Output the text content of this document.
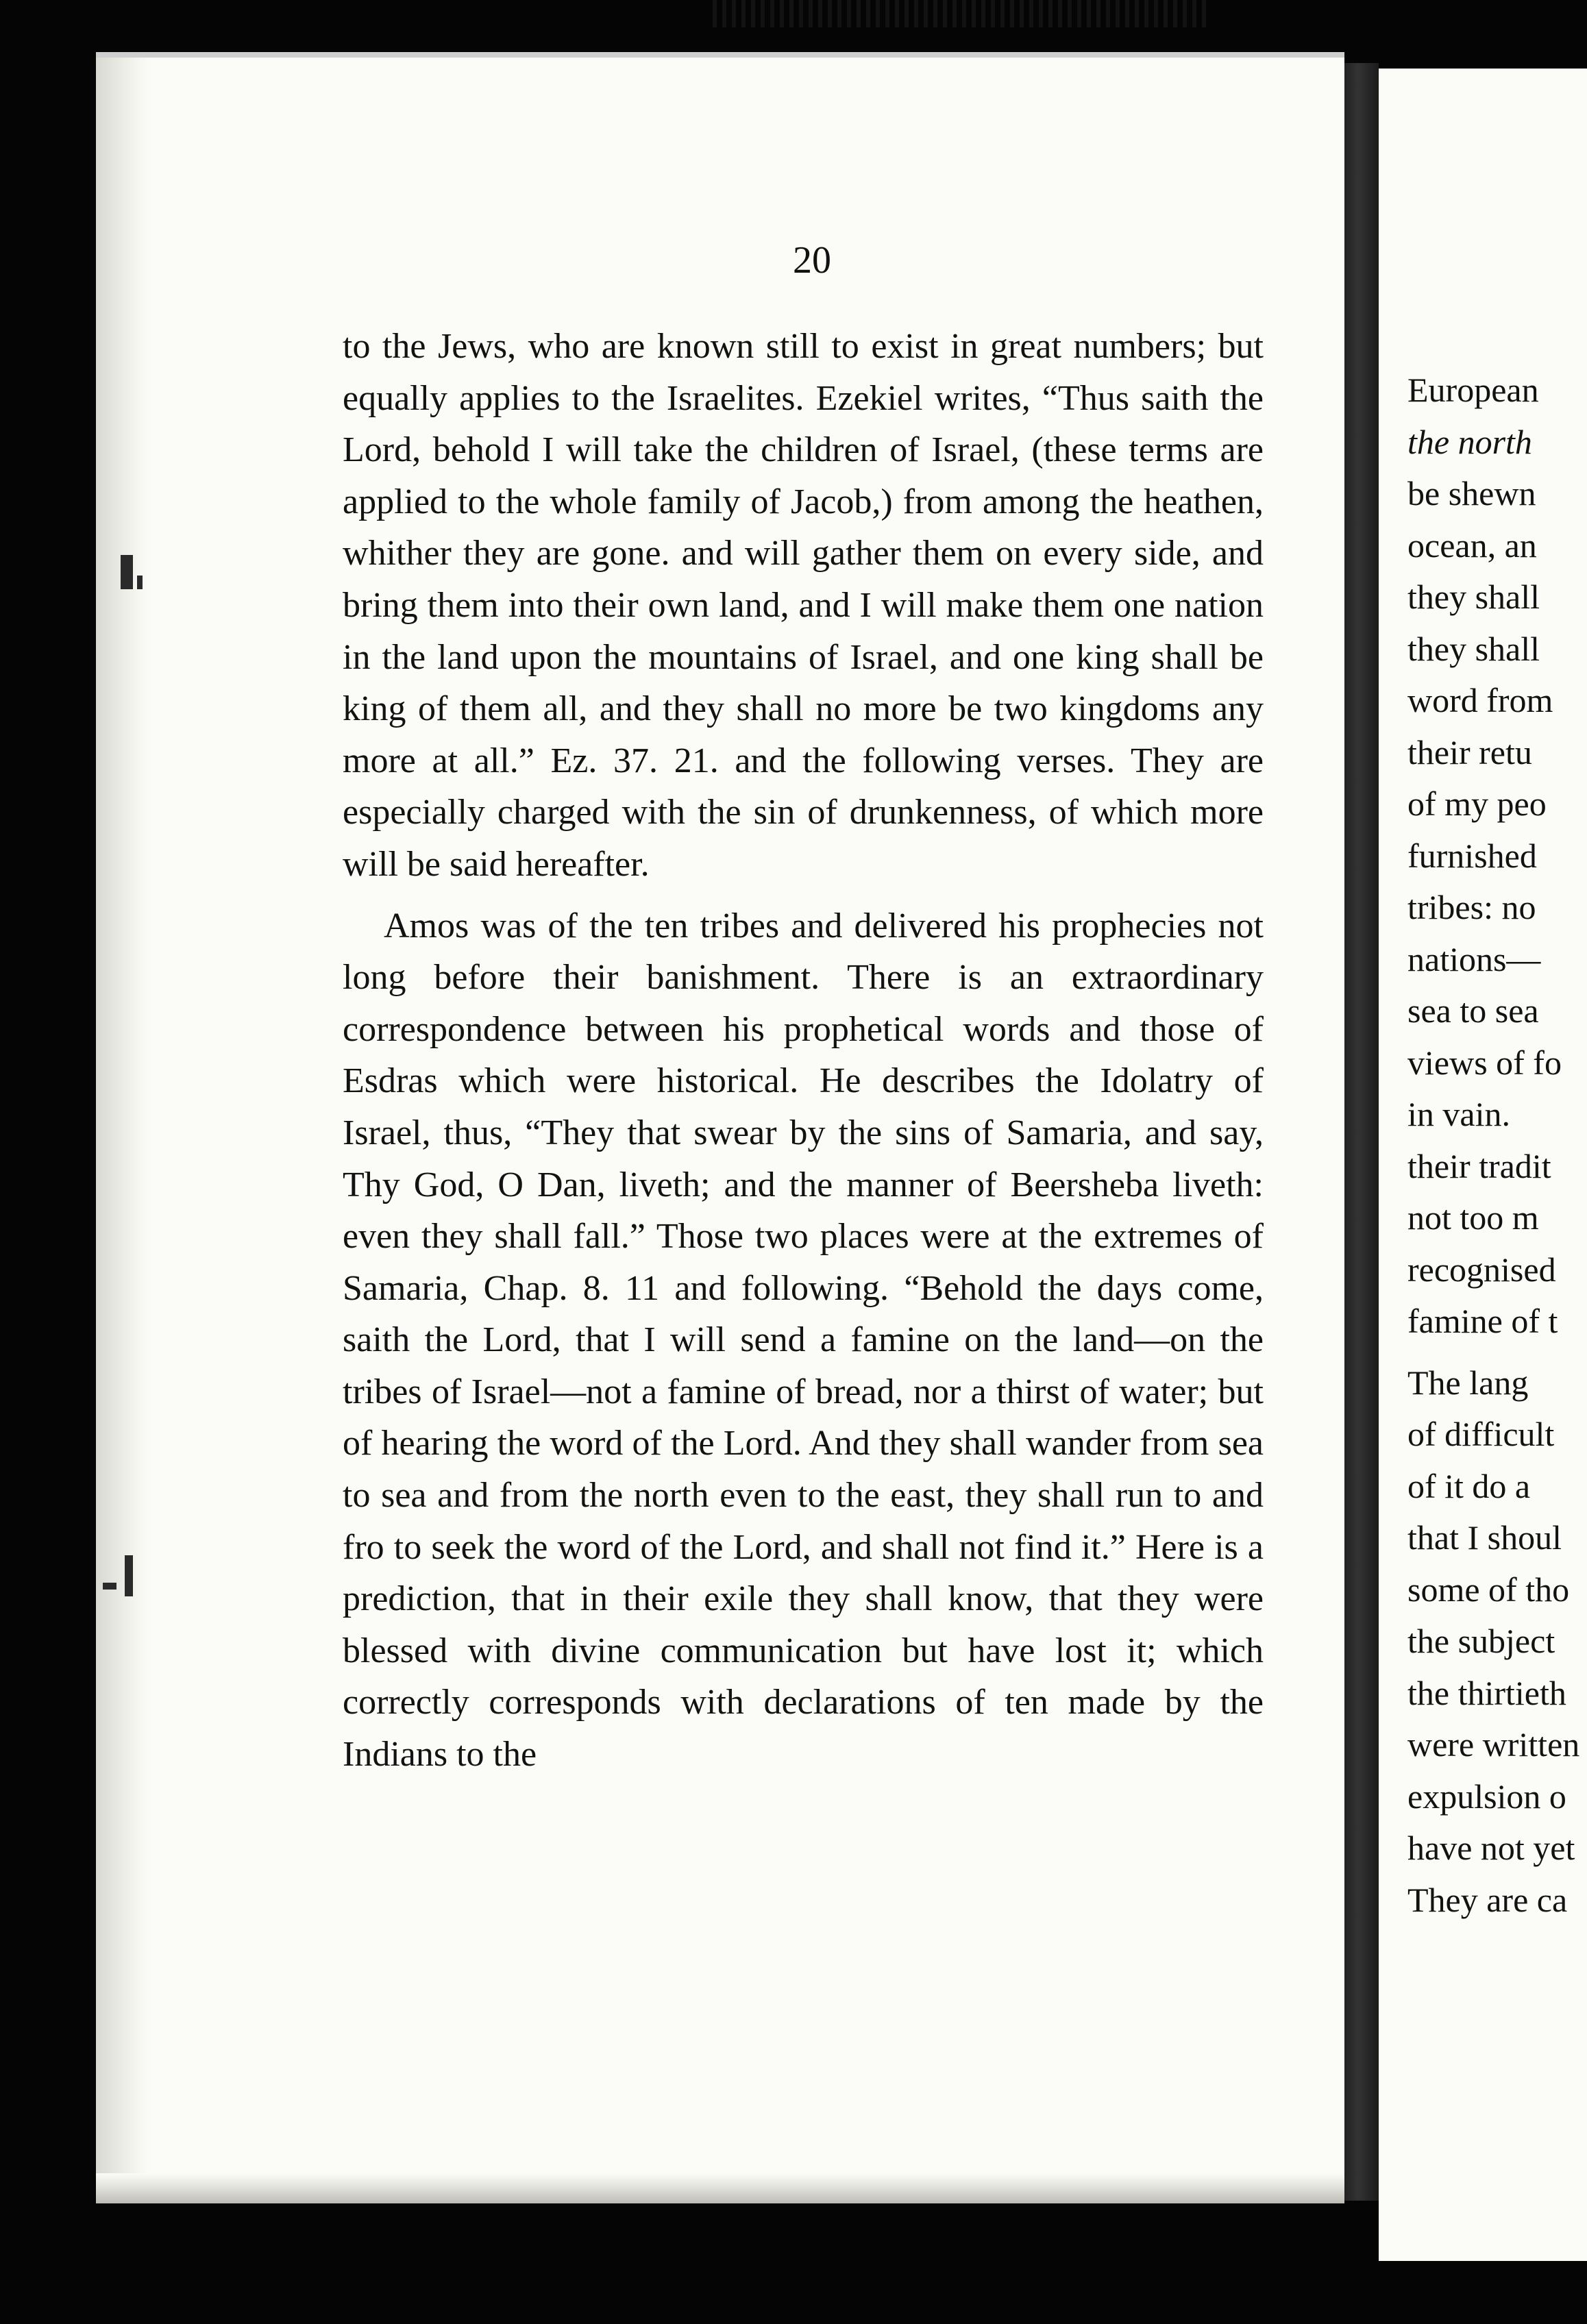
20

to the Jews, who are known still to exist in great numbers; but equally applies to the Israelites. Ezekiel writes, “Thus saith the Lord, behold I will take the children of Israel, (these terms are applied to the whole family of Jacob,) from among the heathen, whither they are gone. and will gather them on every side, and bring them into their own land, and I will make them one nation in the land upon the mountains of Israel, and one king shall be king of them all, and they shall no more be two kingdoms any more at all.” Ez. 37. 21. and the following verses. They are especially charged with the sin of drunkenness, of which more will be said hereafter.

Amos was of the ten tribes and delivered his prophecies not long before their banishment. There is an extraordinary correspondence between his prophetical words and those of Esdras which were historical. He describes the Idolatry of Israel, thus, “They that swear by the sins of Samaria, and say, Thy God, O Dan, liveth; and the manner of Beersheba liveth: even they shall fall.” Those two places were at the extremes of Samaria, Chap. 8. 11 and following. “Behold the days come, saith the Lord, that I will send a famine on the land—on the tribes of Israel—not a famine of bread, nor a thirst of water; but of hearing the word of the Lord. And they shall wander from sea to sea and from the north even to the east, they shall run to and fro to seek the word of the Lord, and shall not find it.” Here is a prediction, that in their exile they shall know, that they were blessed with divine communication but have lost it; which correctly corresponds with declarations of ten made by the Indians to the

European
the north
be shewn
ocean, an
they shall
they shall
word from
their retu
of my peo
furnished
tribes: no
nations—
sea to sea
views of fo
in vain.
their tradit
not too m
recognised
famine of t
The lang
of difficult
of it do a
that I shoul
some of tho
the subject
the thirtieth
were written
expulsion o
have not yet
They are ca
